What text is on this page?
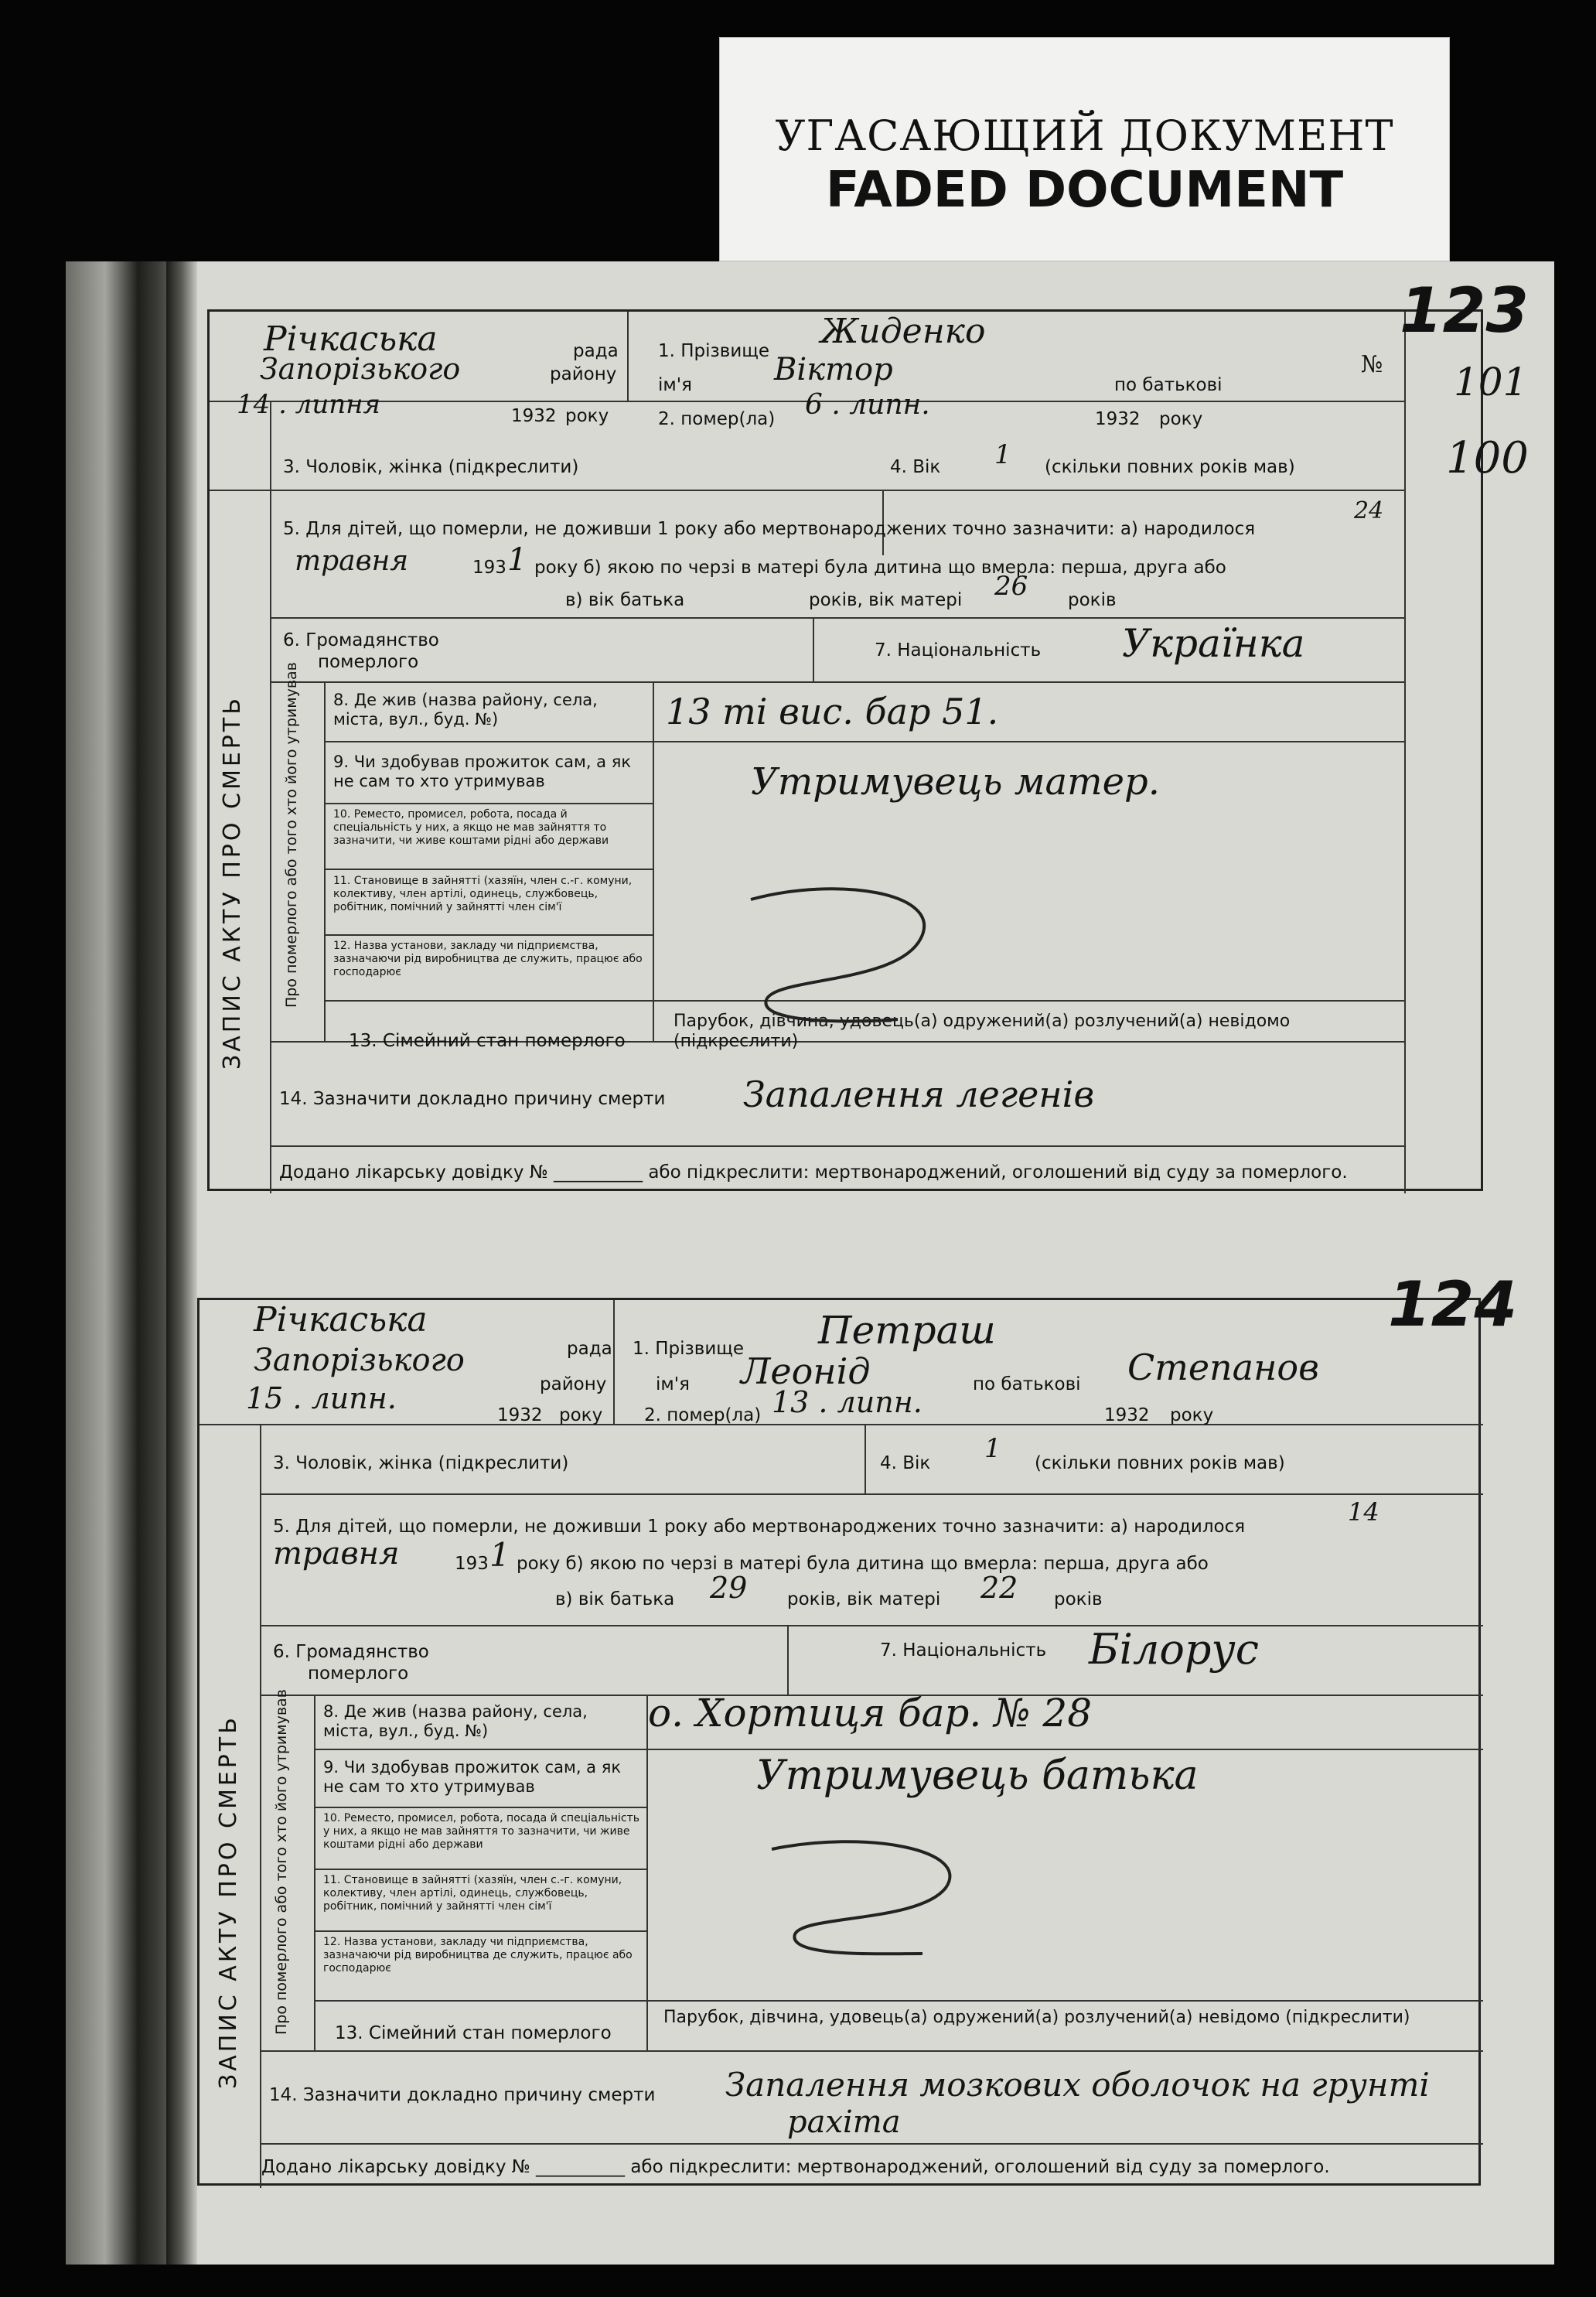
УГАСАЮЩИЙ ДОКУМЕНТ
FADED DOCUMENT
Річкаська	рада
Запорізького	району
14 . липня	1932 року
1. Прізвище Жиденко
ім'я	Віктор	по батькові
2. помер(ла) 6 . липн.	1932 року
3. Чоловік, жінка (підкреслити)	4. Вік 1 (скільки повних років мав)
5. Для дітей, що померли, не доживши 1 року або мертвонароджених точно зазначити: а) народилося
24
травня	193 1 року б) якою по черзі в матері була дитина що вмерла: перша, друга або
в) вік батька	років, вік матері 26 років
6. Громадянство
померлого
7. Національність Українка
8. Де жив (назва району, села, міста, вул., буд. №)	13 ті вис. бар 51.
9. Чи здобував прожиток сам, а як не сам то хто утримував	Утримувець матер.
10. Реместо, промисел, робота, посада й спеціальність у них, а якщо не мав зайняття то зазначити, чи живе коштами рідні або держави
11. Становище в зайнятті (хазяїн, член с.-г. комуни, колективу, член артілі, одинець, службовець, робітник, помічний у зайнятті член сім'ї
12. Назва установи, закладу чи підприємства, зазначаючи рід виробництва де служить, працює або господарює
13. Сімейний стан померлого
Парубок, дівчина, удовець(а) одружений(а) розлучений(а) невідомо (підкреслити)
14. Зазначити докладно причину смерти Запалення легенів
Додано лікарську довідку № __________ або підкреслити: мертвонароджений, оголошений від суду за померлого.
ЗАПИС АКТУ ПРО СМЕРТЬ	Про померлого або того хто його утримував
123
№ 101
100
Річкаська
рада
Запорізького
району
15 . липн.	1932 року
1. Прізвище Петраш
ім'я Леонід	по батькові Степанов
2. помер(ла) 13 . липн.	1932 року
3. Чоловік, жінка (підкреслити)	4. Вік 1 (скільки повних років мав)
5. Для дітей, що померли, не доживши 1 року або мертвонароджених точно зазначити: а) народилося	14
травня	193 1 року б) якою по черзі в матері була дитина що вмерла: перша, друга або
в) вік батька 29 років, вік матері 22 років
6. Громадянство
померлого
7. Національність Білорус
8. Де жив (назва району, села, міста, вул., буд. №)	о. Хортиця бар. № 28
9. Чи здобував прожиток сам, а як не сам то хто утримував	Утримувець батька
10. Реместо, промисел, робота, посада й спеціальність у них, а якщо не мав зайняття то зазначити, чи живе коштами рідні або держави
11. Становище в зайнятті (хазяїн, член с.-г. комуни, колективу, член артілі, одинець, службовець, робітник, помічний у зайнятті член сім'ї
12. Назва установи, закладу чи підприємства, зазначаючи рід виробництва де служить, працює або господарює
13. Сімейний стан померлого
Парубок, дівчина, удовець(а) одружений(а) розлучений(а) невідомо (підкреслити)
14. Зазначити докладно причину смерти Запалення мозкових оболочок на грунті
рахіта
Додано лікарську довідку № __________ або підкреслити: мертвонароджений, оголошений від суду за померлого.
ЗАПИС АКТУ ПРО СМЕРТЬ Про померлого або того хто його утримував
124
